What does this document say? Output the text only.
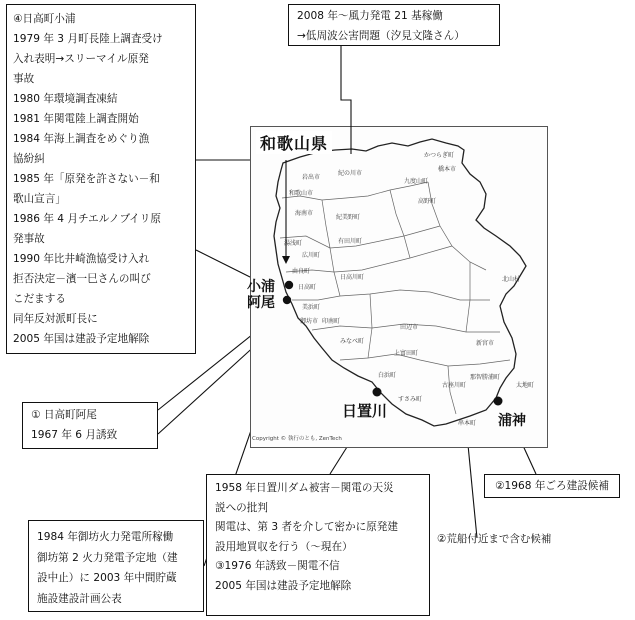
和歌山県
かつらぎ町
橋本市
九度山町
高野町
紀の川市
岩出市
和歌山市
海南市
紀美野町
有田川町
湯浅町
広川町
日高川町
由良町
美浜町
日高町
御坊市 印南町
みなべ町
田辺市
上富田町
白浜町
すさみ町
古座川町
那智勝浦町
太地町
串本町
新宮市
北山村
Copyright © 執行のとも, ZenTech
小浦
阿尾
日置川
浦神
④日高町小浦
1979 年 3 月町長陸上調査受け
入れ表明→スリーマイル原発
事故
1980 年環境調査凍結
1981 年関電陸上調査開始
1984 年海上調査をめぐり漁
協紛糾
1985 年「原発を許さない－和
歌山宣言」
1986 年 4 月チエルノブイリ原
発事故
1990 年比井崎漁協受け入れ
拒否決定－濱一巳さんの叫び
こだまする
同年反対派町長に
2005 年国は建設予定地解除
2008 年～風力発電 21 基稼働
→低周波公害問題（汐見文隆さん）
① 日高町阿尾
1967 年 6 月誘致
1958 年日置川ダム被害－関電の天災
説への批判
関電は、第 3 者を介して密かに原発建
設用地買収を行う（～現在）
③1976 年誘致－関電不信
2005 年国は建設予定地解除
②1968 年ごろ建設候補
1984 年御坊火力発電所稼働
御坊第 2 火力発電予定地（建
設中止）に 2003 年中間貯蔵
施設建設計画公表
②荒船付近まで含む候補
